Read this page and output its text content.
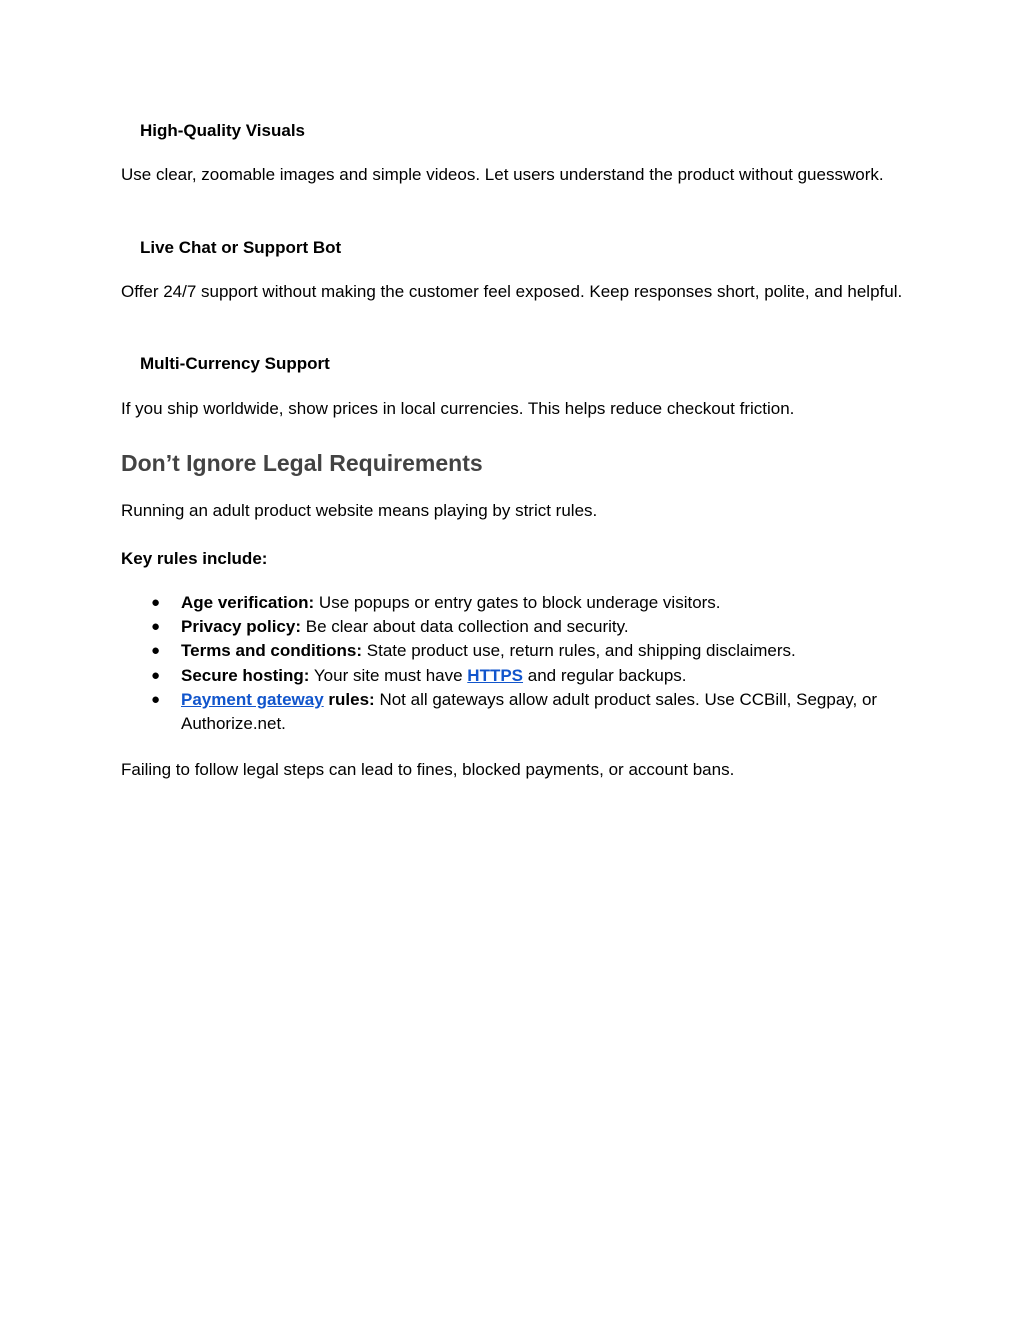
High-Quality Visuals
Use clear, zoomable images and simple videos. Let users understand the product without guesswork.
Live Chat or Support Bot
Offer 24/7 support without making the customer feel exposed. Keep responses short, polite, and helpful.
Multi-Currency Support
If you ship worldwide, show prices in local currencies. This helps reduce checkout friction.
Don’t Ignore Legal Requirements
Running an adult product website means playing by strict rules.
Key rules include:
● Age verification: Use popups or entry gates to block underage visitors.
● Privacy policy: Be clear about data collection and security.
● Terms and conditions: State product use, return rules, and shipping disclaimers.
● Secure hosting: Your site must have HTTPS and regular backups.
● Payment gateway rules: Not all gateways allow adult product sales. Use CCBill, Segpay, or Authorize.net.
Failing to follow legal steps can lead to fines, blocked payments, or account bans.
